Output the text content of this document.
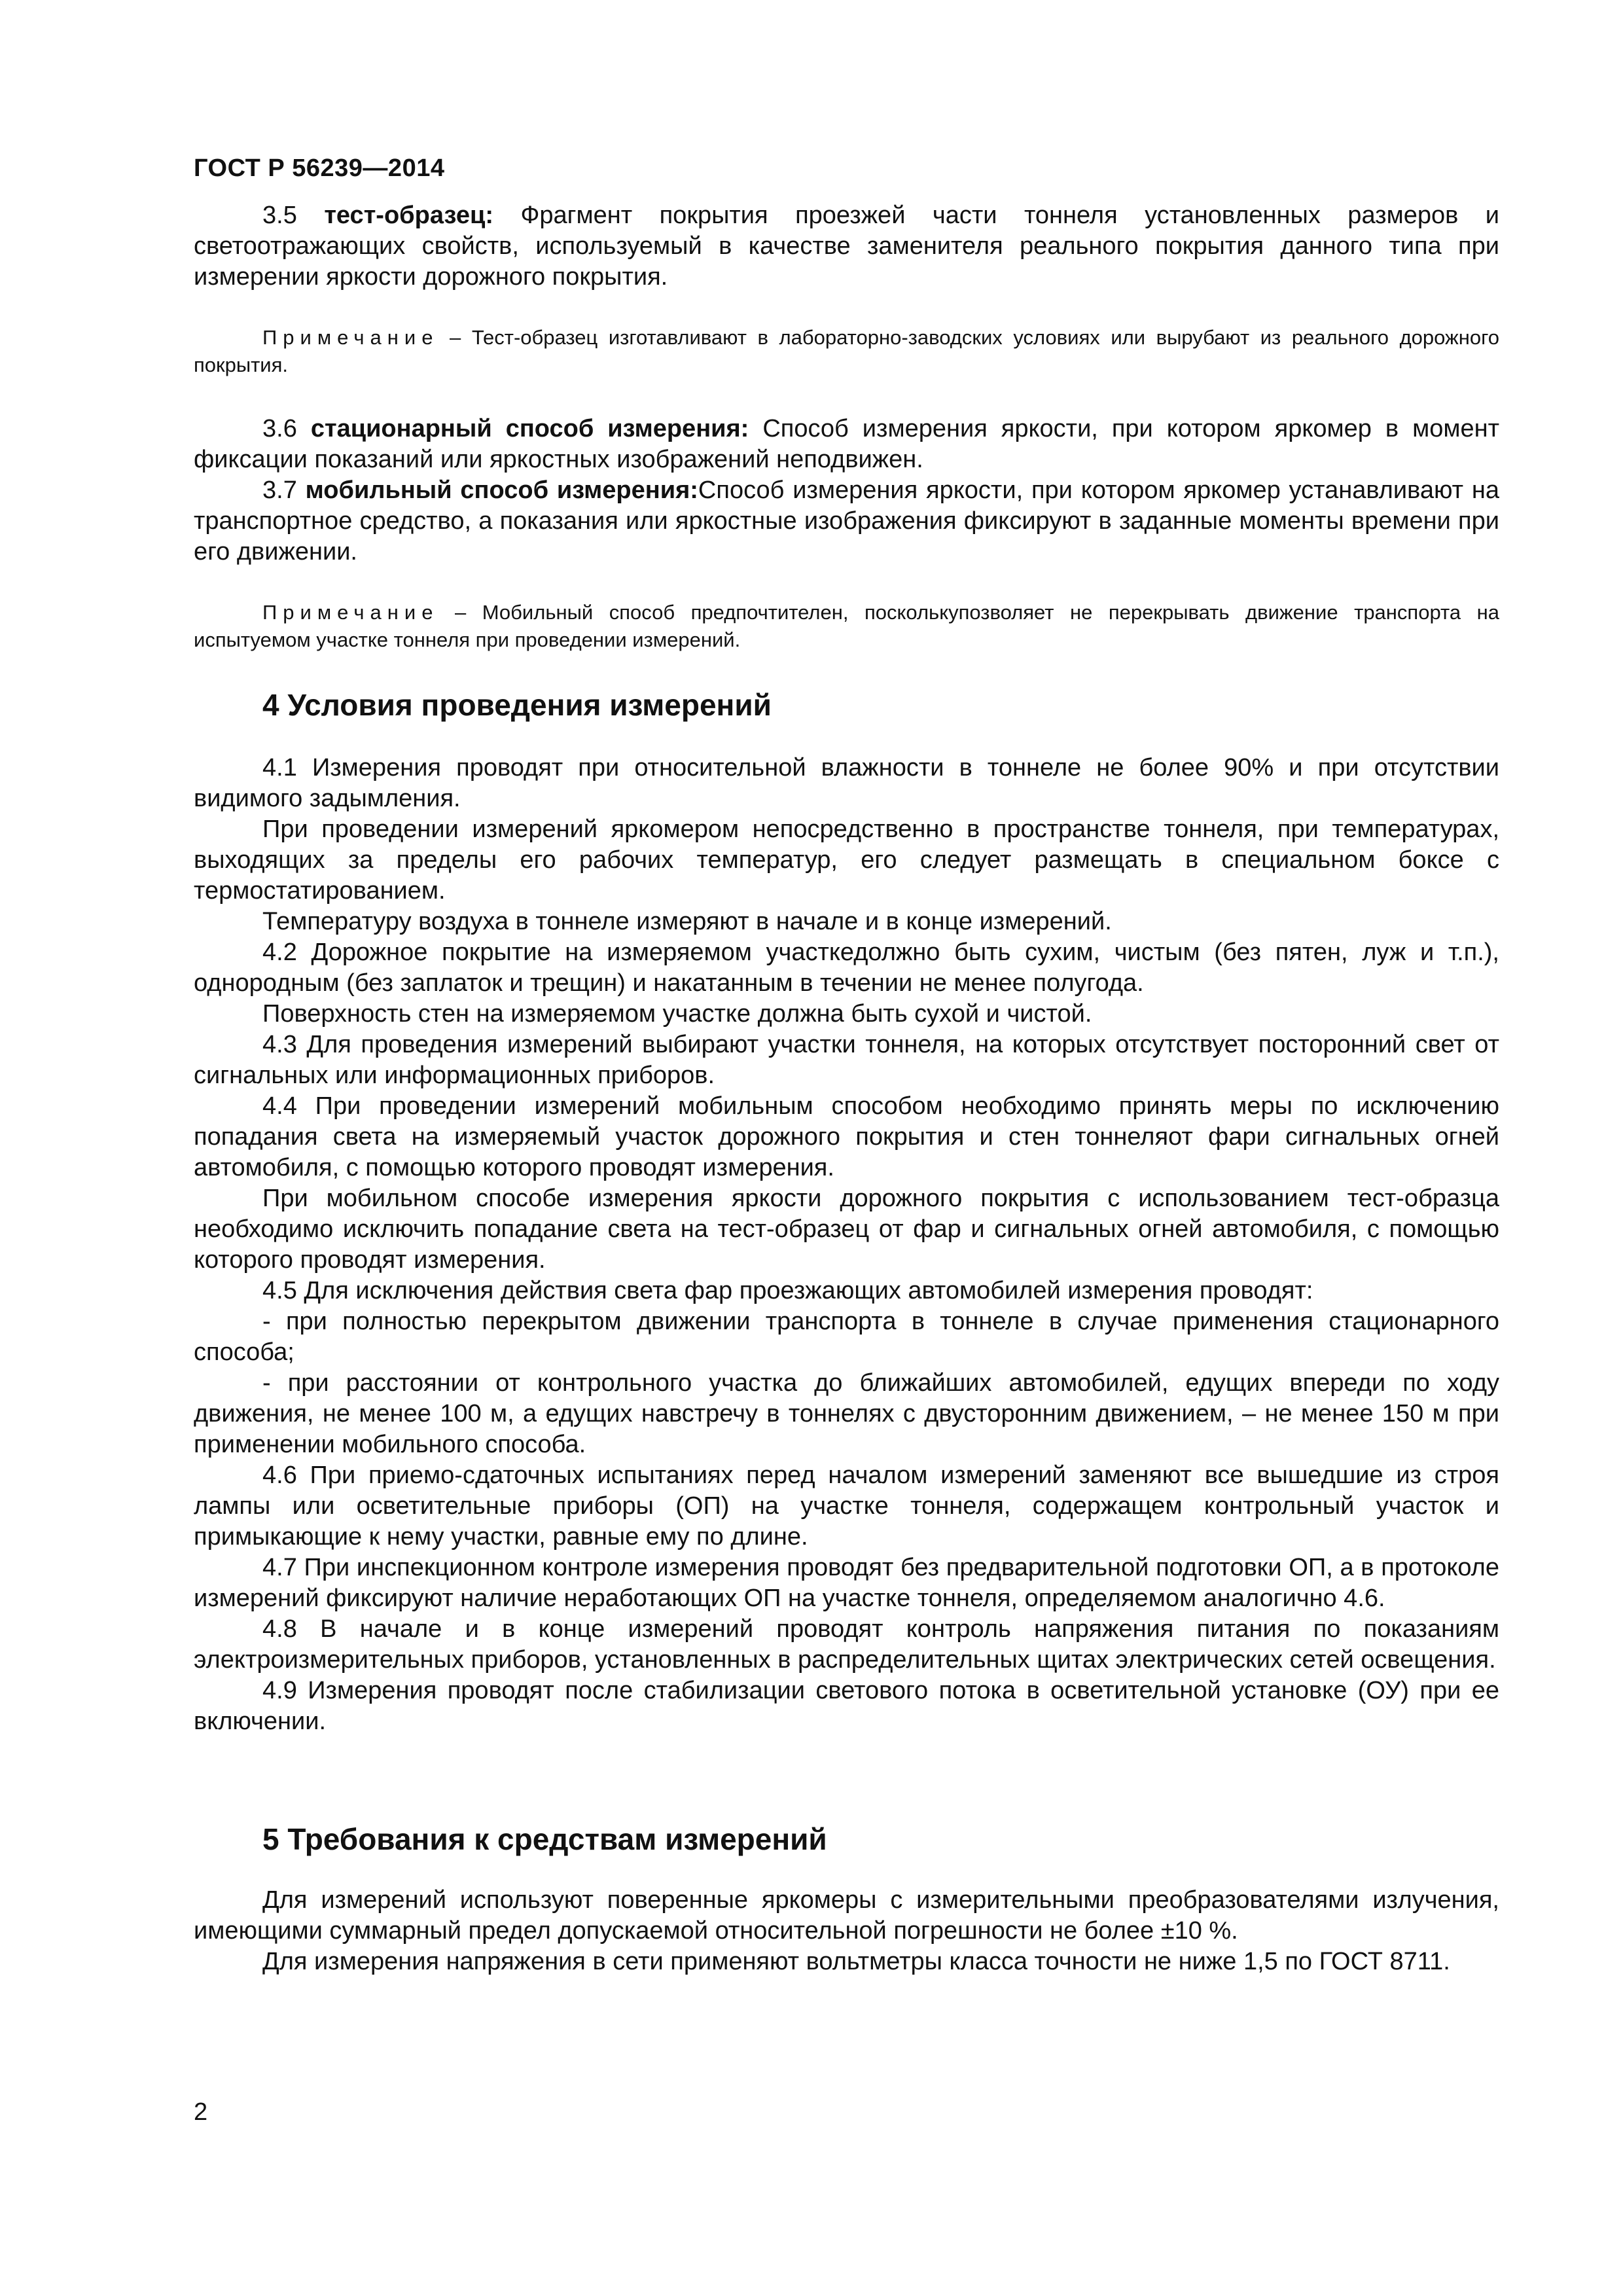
ГОСТ Р 56239—2014

3.5 тест-образец: Фрагмент покрытия проезжей части тоннеля установленных размеров и светоотражающих свойств, используемый в качестве заменителя реального покрытия данного типа при измерении яркости дорожного покрытия.

Примечание – Тест-образец изготавливают в лабораторно-заводских условиях или вырубают из реального дорожного покрытия.

3.6 стационарный способ измерения: Способ измерения яркости, при котором яркомер в момент фиксации показаний или яркостных изображений неподвижен.

3.7 мобильный способ измерения:Способ измерения яркости, при котором яркомер устанавливают на транспортное средство, а показания или яркостные изображения фиксируют в заданные моменты времени при его движении.

Примечание – Мобильный способ предпочтителен, посколькупозволяет не перекрывать движение транспорта на испытуемом участке тоннеля при проведении измерений.

4 Условия проведения измерений

4.1 Измерения проводят при относительной влажности в тоннеле не более 90% и при отсутствии видимого задымления.

При проведении измерений яркомером непосредственно в пространстве тоннеля, при температурах, выходящих за пределы его рабочих температур, его следует размещать в специальном боксе с термостатированием.

Температуру воздуха в тоннеле измеряют в начале и в конце измерений.

4.2 Дорожное покрытие на измеряемом участкедолжно быть сухим, чистым (без пятен, луж и т.п.), однородным (без заплаток и трещин) и накатанным в течении не менее полугода.

Поверхность стен на измеряемом участке должна быть сухой и чистой.

4.3 Для проведения измерений выбирают участки тоннеля, на которых отсутствует посторонний свет от сигнальных или информационных приборов.

4.4 При проведении измерений мобильным способом необходимо принять меры по исключению попадания света на измеряемый участок дорожного покрытия и стен тоннеляот фари сигнальных огней автомобиля, с помощью которого проводят измерения.

При мобильном способе измерения яркости дорожного покрытия с использованием тест-образца необходимо исключить попадание света на тест-образец от фар и сигнальных огней автомобиля, с помощью которого проводят измерения.

4.5 Для исключения действия света фар проезжающих автомобилей измерения проводят:

- при полностью перекрытом движении транспорта в тоннеле в случае применения стационарного способа;

- при расстоянии от контрольного участка до ближайших автомобилей, едущих впереди по ходу движения, не менее 100 м, а едущих навстречу в тоннелях с двусторонним движением, – не менее 150 м при применении мобильного способа.

4.6 При приемо-сдаточных испытаниях перед началом измерений заменяют все вышедшие из строя лампы или осветительные приборы (ОП) на участке тоннеля, содержащем контрольный участок и примыкающие к нему участки, равные ему по длине.

4.7 При инспекционном контроле измерения проводят без предварительной подготовки ОП, а в протоколе измерений фиксируют наличие неработающих ОП на участке тоннеля, определяемом аналогично 4.6.

4.8 В начале и в конце измерений проводят контроль напряжения питания по показаниям электроизмерительных приборов, установленных в распределительных щитах электрических сетей освещения.

4.9 Измерения проводят после стабилизации светового потока в осветительной установке (ОУ) при ее включении.

5 Требования к средствам измерений

Для измерений используют поверенные яркомеры с измерительными преобразователями излучения, имеющими суммарный предел допускаемой относительной погрешности не более ±10 %.

Для измерения напряжения в сети применяют вольтметры класса точности не ниже 1,5 по ГОСТ 8711.

2
